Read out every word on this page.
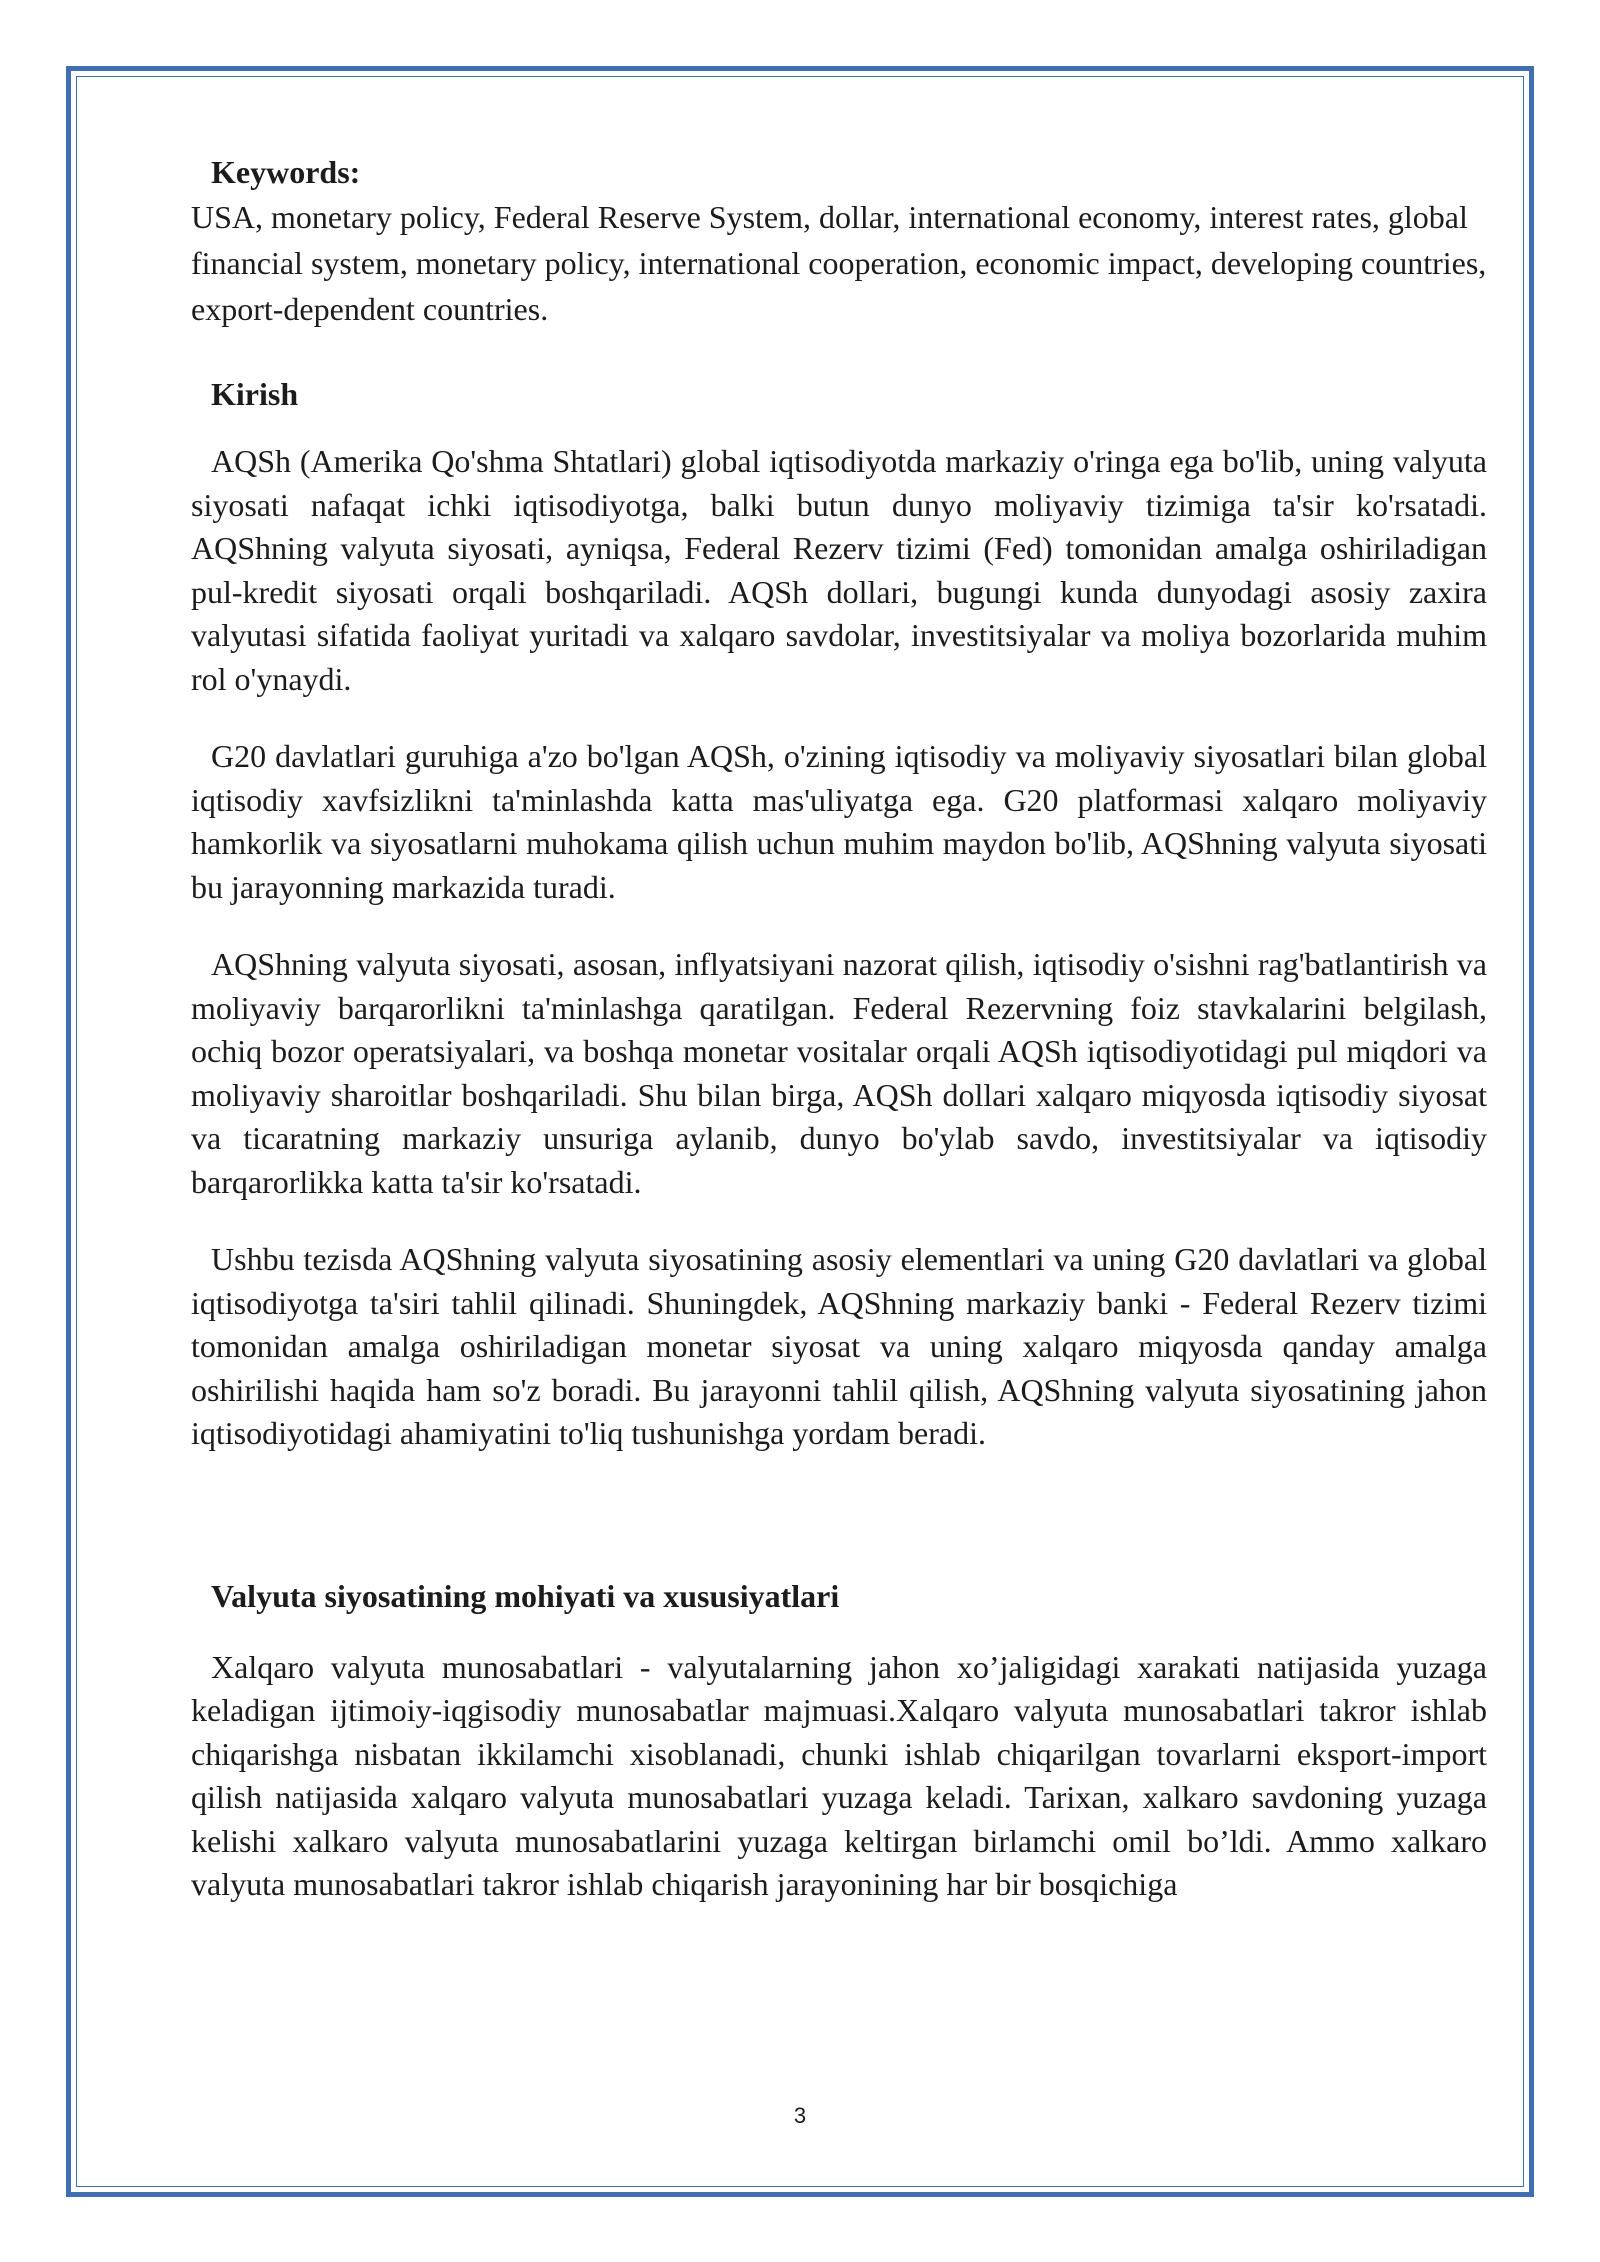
Keywords:

USA, monetary policy, Federal Reserve System, dollar, international economy, interest rates, global financial system, monetary policy, international cooperation, economic impact, developing countries, export-dependent countries.

Kirish

AQSh (Amerika Qo'shma Shtatlari) global iqtisodiyotda markaziy o'ringa ega bo'lib, uning valyuta siyosati nafaqat ichki iqtisodiyotga, balki butun dunyo moliyaviy tizimiga ta'sir ko'rsatadi. AQShning valyuta siyosati, ayniqsa, Federal Rezerv tizimi (Fed) tomonidan amalga oshiriladigan pul-kredit siyosati orqali boshqariladi. AQSh dollari, bugungi kunda dunyodagi asosiy zaxira valyutasi sifatida faoliyat yuritadi va xalqaro savdolar, investitsiyalar va moliya bozorlarida muhim rol o'ynaydi.

G20 davlatlari guruhiga a'zo bo'lgan AQSh, o'zining iqtisodiy va moliyaviy siyosatlari bilan global iqtisodiy xavfsizlikni ta'minlashda katta mas'uliyatga ega. G20 platformasi xalqaro moliyaviy hamkorlik va siyosatlarni muhokama qilish uchun muhim maydon bo'lib, AQShning valyuta siyosati bu jarayonning markazida turadi.

AQShning valyuta siyosati, asosan, inflyatsiyani nazorat qilish, iqtisodiy o'sishni rag'batlantirish va moliyaviy barqarorlikni ta'minlashga qaratilgan. Federal Rezervning foiz stavkalarini belgilash, ochiq bozor operatsiyalari, va boshqa monetar vositalar orqali AQSh iqtisodiyotidagi pul miqdori va moliyaviy sharoitlar boshqariladi. Shu bilan birga, AQSh dollari xalqaro miqyosda iqtisodiy siyosat va ticaratning markaziy unsuriga aylanib, dunyo bo'ylab savdo, investitsiyalar va iqtisodiy barqarorlikka katta ta'sir ko'rsatadi.

Ushbu tezisda AQShning valyuta siyosatining asosiy elementlari va uning G20 davlatlari va global iqtisodiyotga ta'siri tahlil qilinadi. Shuningdek, AQShning markaziy banki - Federal Rezerv tizimi tomonidan amalga oshiriladigan monetar siyosat va uning xalqaro miqyosda qanday amalga oshirilishi haqida ham so'z boradi. Bu jarayonni tahlil qilish, AQShning valyuta siyosatining jahon iqtisodiyotidagi ahamiyatini to'liq tushunishga yordam beradi.

Valyuta siyosatining mohiyati va xususiyatlari

Xalqaro valyuta munosabatlari - valyutalarning jahon xo’jaligidagi xarakati natijasida yuzaga keladigan ijtimoiy-iqgisodiy munosabatlar majmuasi.Xalqaro valyuta munosabatlari takror ishlab chiqarishga nisbatan ikkilamchi xisoblanadi, chunki ishlab chiqarilgan tovarlarni eksport-import qilish natijasida xalqaro valyuta munosabatlari yuzaga keladi. Tarixan, xalkaro savdoning yuzaga kelishi xalkaro valyuta munosabatlarini yuzaga keltirgan birlamchi omil bo’ldi. Ammo xalkaro valyuta munosabatlari takror ishlab chiqarish jarayonining har bir bosqichiga

3
